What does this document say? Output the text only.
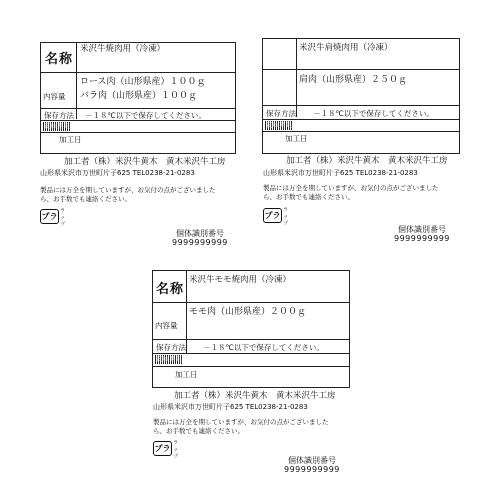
名称
米沢牛焼肉用（冷凍）
内容量
ロース肉（山形県産）１００ｇ
バラ肉（山形県産）１００ｇ
保存方法 －１８℃以下で保存してください。
賞味期限
加工日
加工者（株）米沢牛黄木　黄木米沢牛工房
山形県米沢市万世町片子625 TEL0238-21-0283
製品には万全を期していますが、お気付の点がございました
ら、お手数でも連絡ください。
プラ
ラップ
個体識別番号
9999999999
米沢牛肩焼肉用（冷凍）
肩肉（山形県産）２５０ｇ
保存方法 －１８℃以下で保存してください。
賞味期限
加工日
加工者（株）米沢牛黄木　黄木米沢牛工房
山形県米沢市万世町片子625 TEL0238-21-0283
製品には万全を期していますが、お気付の点がございました
ら、お手数でも連絡ください。
プラ
ラップ
個体識別番号
9999999999
名称
米沢牛モモ焼肉用（冷凍）
内容量
モモ肉（山形県産）２００ｇ
保存方法 －１８℃以下で保存してください。
賞味期限
加工日
加工者（株）米沢牛黄木　黄木米沢牛工房
山形県米沢市万世町片子625 TEL0238-21-0283
製品には万全を期していますが、お気付の点がございました
ら、お手数でも連絡ください。
プラ
ラップ	個体識別番号
9999999999
